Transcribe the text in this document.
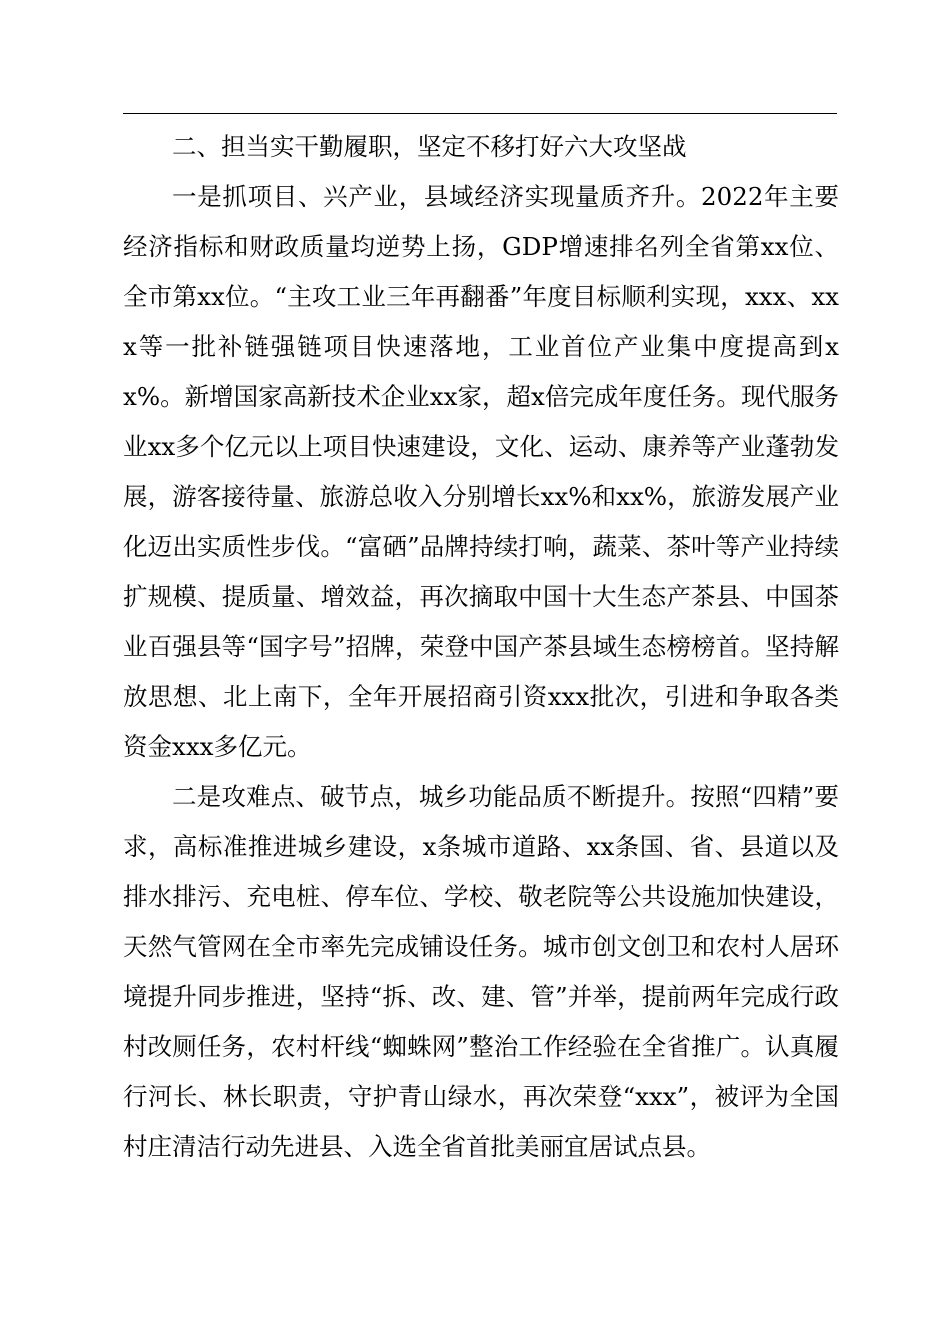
二、担当实干勤履职，坚定不移打好六大攻坚战

一是抓项目、兴产业，县域经济实现量质齐升。2022年主要经济指标和财政质量均逆势上扬，GDP增速排名列全省第xx位、全市第xx位。“主攻工业三年再翻番”年度目标顺利实现，xxx、xxx等一批补链强链项目快速落地，工业首位产业集中度提高到xx%。新增国家高新技术企业xx家，超x倍完成年度任务。现代服务业xx多个亿元以上项目快速建设，文化、运动、康养等产业蓬勃发展，游客接待量、旅游总收入分别增长xx%和xx%，旅游发展产业化迈出实质性步伐。“富硒”品牌持续打响，蔬菜、茶叶等产业持续扩规模、提质量、增效益，再次摘取中国十大生态产茶县、中国茶业百强县等“国字号”招牌，荣登中国产茶县域生态榜榜首。坚持解放思想、北上南下，全年开展招商引资xxx批次，引进和争取各类资金xxx多亿元。

二是攻难点、破节点，城乡功能品质不断提升。按照“四精”要求，高标准推进城乡建设，x条城市道路、xx条国、省、县道以及排水排污、充电桩、停车位、学校、敬老院等公共设施加快建设，天然气管网在全市率先完成铺设任务。城市创文创卫和农村人居环境提升同步推进，坚持“拆、改、建、管”并举，提前两年完成行政村改厕任务，农村杆线“蜘蛛网”整治工作经验在全省推广。认真履行河长、林长职责，守护青山绿水，再次荣登“xxx”，被评为全国村庄清洁行动先进县、入选全省首批美丽宜居试点县。
